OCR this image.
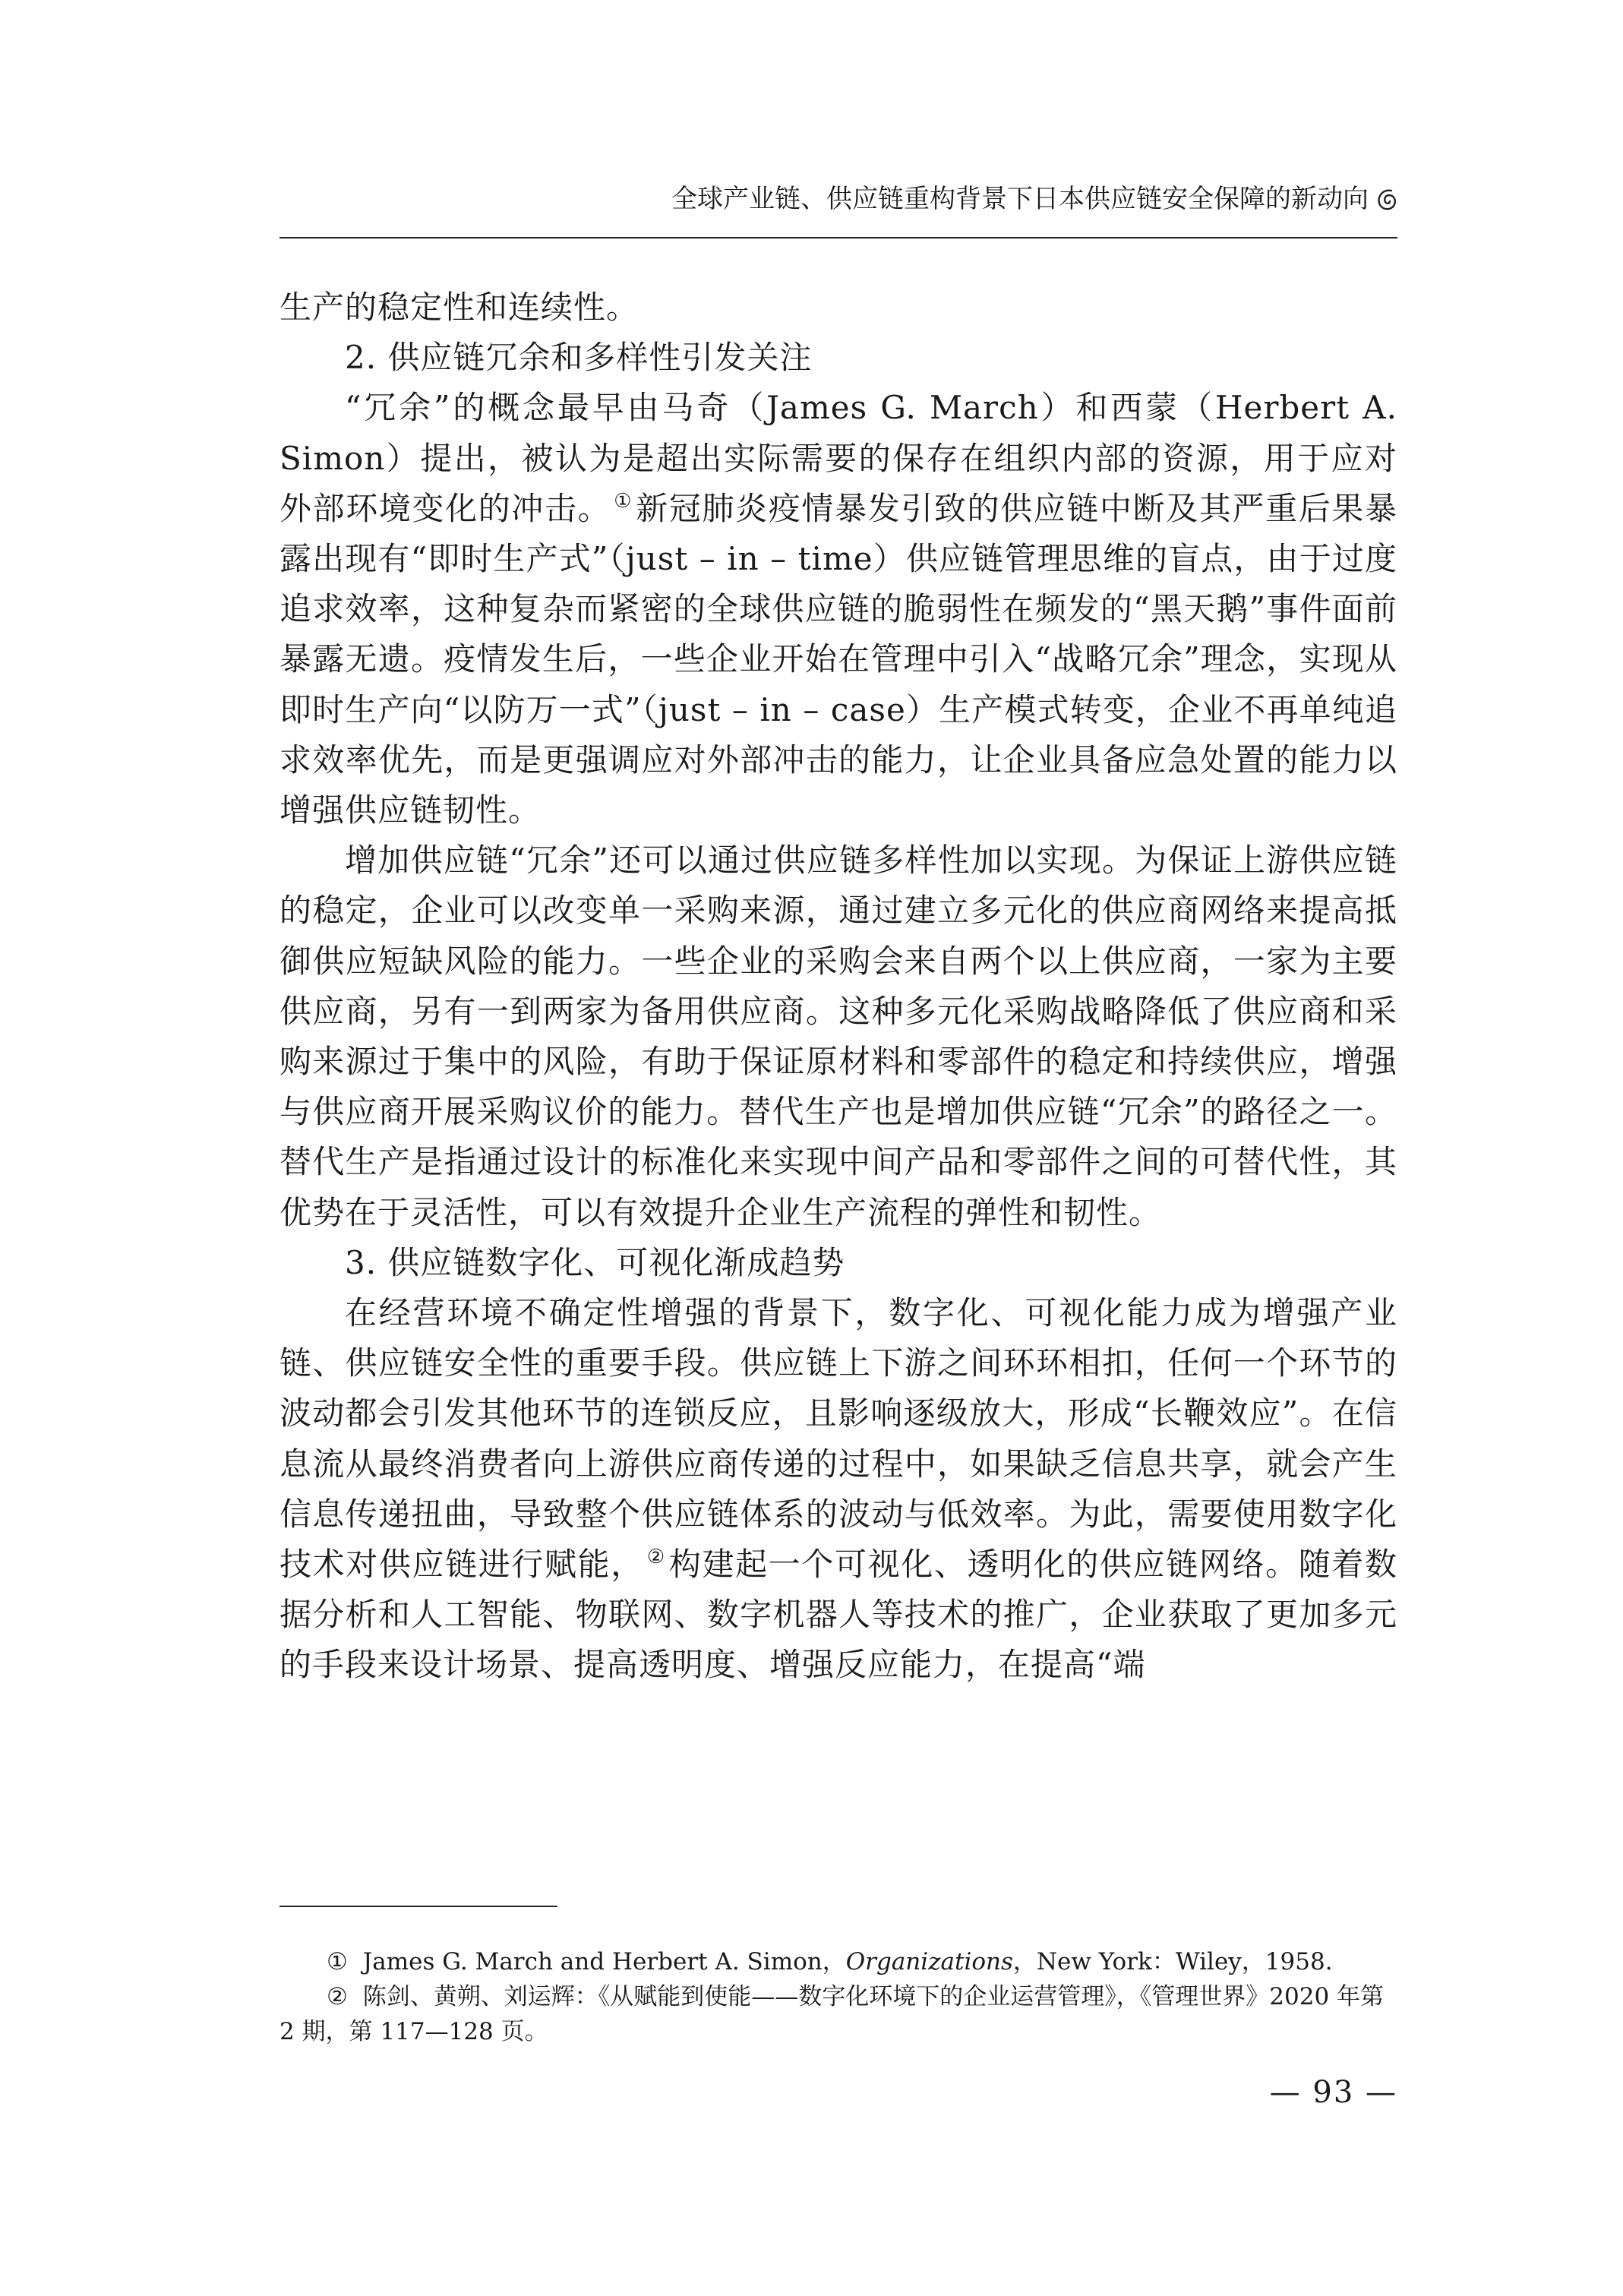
全球产业链、供应链重构背景下日本供应链安全保障的新动向

生产的稳定性和连续性。

2. 供应链冗余和多样性引发关注

“冗余”的概念最早由马奇（James G. March）和西蒙（Herbert A. Simon）提出，被认为是超出实际需要的保存在组织内部的资源，用于应对外部环境变化的冲击。 ①新冠肺炎疫情暴发引致的供应链中断及其严重后果暴露出现有“即时生产式”（just – in – time）供应链管理思维的盲点，由于过度追求效率，这种复杂而紧密的全球供应链的脆弱性在频发的“黑天鹅”事件面前暴露无遗。疫情发生后，一些企业开始在管理中引入“战略冗余”理念，实现从即时生产向“以防万一式”（just – in – case）生产模式转变，企业不再单纯追求效率优先，而是更强调应对外部冲击的能力，让企业具备应急处置的能力以增强供应链韧性。

增加供应链“冗余”还可以通过供应链多样性加以实现。为保证上游供应链的稳定，企业可以改变单一采购来源，通过建立多元化的供应商网络来提高抵御供应短缺风险的能力。一些企业的采购会来自两个以上供应商，一家为主要供应商，另有一到两家为备用供应商。这种多元化采购战略降低了供应商和采购来源过于集中的风险，有助于保证原材料和零部件的稳定和持续供应，增强与供应商开展采购议价的能力。替代生产也是增加供应链“冗余”的路径之一。替代生产是指通过设计的标准化来实现中间产品和零部件之间的可替代性，其优势在于灵活性，可以有效提升企业生产流程的弹性和韧性。

3. 供应链数字化、可视化渐成趋势

在经营环境不确定性增强的背景下，数字化、可视化能力成为增强产业链、供应链安全性的重要手段。供应链上下游之间环环相扣，任何一个环节的波动都会引发其他环节的连锁反应，且影响逐级放大，形成“长鞭效应”。在信息流从最终消费者向上游供应商传递的过程中，如果缺乏信息共享，就会产生信息传递扭曲，导致整个供应链体系的波动与低效率。为此，需要使用数字化技术对供应链进行赋能， ②构建起一个可视化、透明化的供应链网络。随着数据分析和人工智能、物联网、数字机器人等技术的推广，企业获取了更加多元的手段来设计场景、提高透明度、增强反应能力，在提高“端

① James G. March and Herbert A. Simon，Organizations，New York：Wiley，1958.

② 陈剑、黄朔、刘运辉：《从赋能到使能——数字化环境下的企业运营管理》，《管理世界》2020 年第 2 期，第 117—128 页。

— 93 —
